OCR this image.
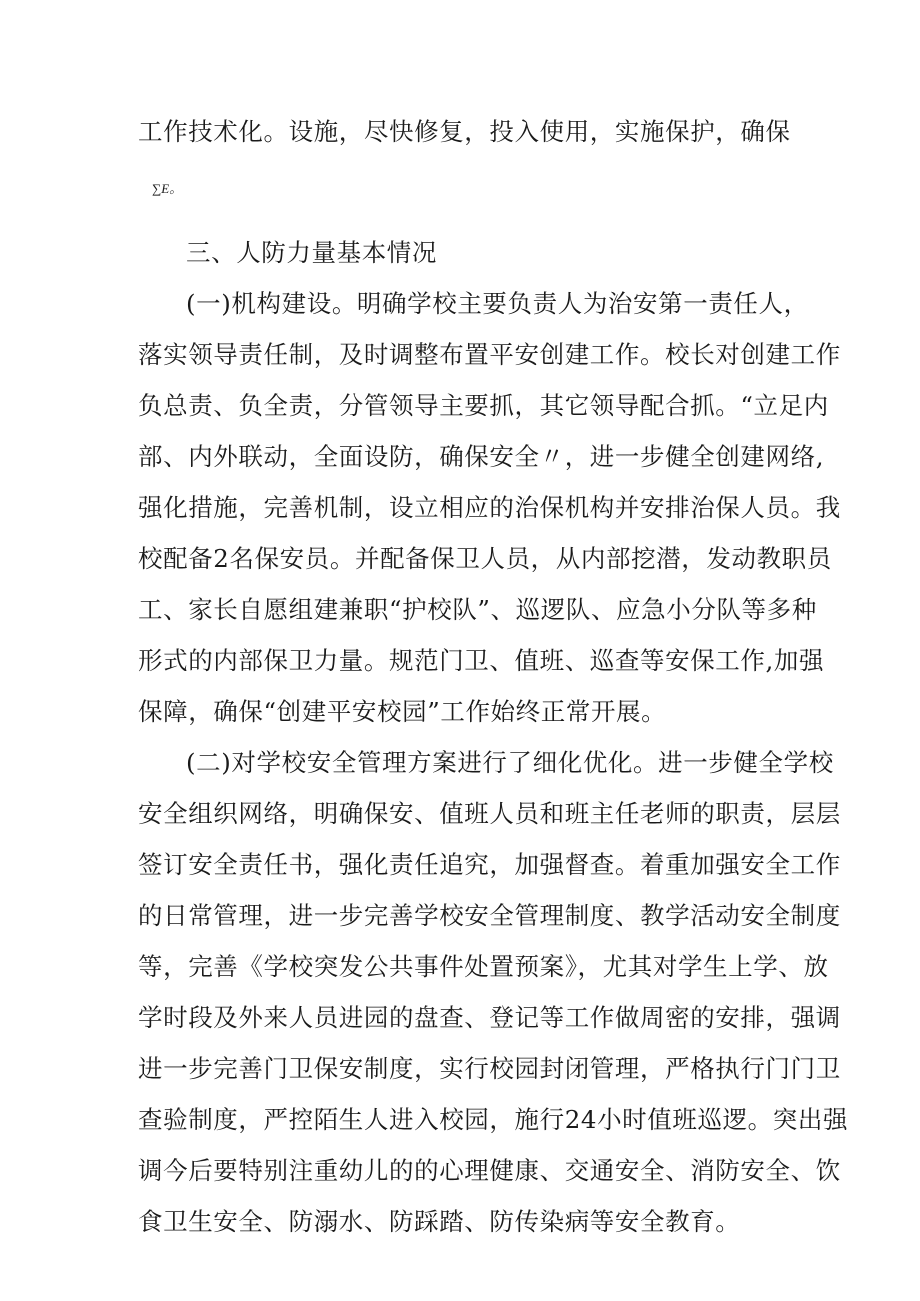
工作技术化。设施，尽快修复，投入使用，实施保护，确保
∑E。
三、人防力量基本情况
(一)机构建设。明确学校主要负责人为治安第一责任人，
落实领导责任制，及时调整布置平安创建工作。校长对创建工作
负总责、负全责，分管领导主要抓，其它领导配合抓。“立足内
部、内外联动，全面设防，确保安全〃，进一步健全创建网络,
强化措施，完善机制，设立相应的治保机构并安排治保人员。我
校配备2名保安员。并配备保卫人员，从内部挖潜，发动教职员
工、家长自愿组建兼职“护校队”、巡逻队、应急小分队等多种
形式的内部保卫力量。规范门卫、值班、巡查等安保工作,加强
保障，确保“创建平安校园”工作始终正常开展。
(二)对学校安全管理方案进行了细化优化。进一步健全学校
安全组织网络，明确保安、值班人员和班主任老师的职责，层层
签订安全责任书，强化责任追究，加强督查。着重加强安全工作
的日常管理，进一步完善学校安全管理制度、教学活动安全制度
等，完善《学校突发公共事件处置预案》，尤其对学生上学、放
学时段及外来人员进园的盘查、登记等工作做周密的安排，强调
进一步完善门卫保安制度，实行校园封闭管理，严格执行门门卫
查验制度，严控陌生人进入校园，施行24小时值班巡逻。突出强
调今后要特别注重幼儿的的心理健康、交通安全、消防安全、饮
食卫生安全、防溺水、防踩踏、防传染病等安全教育。
